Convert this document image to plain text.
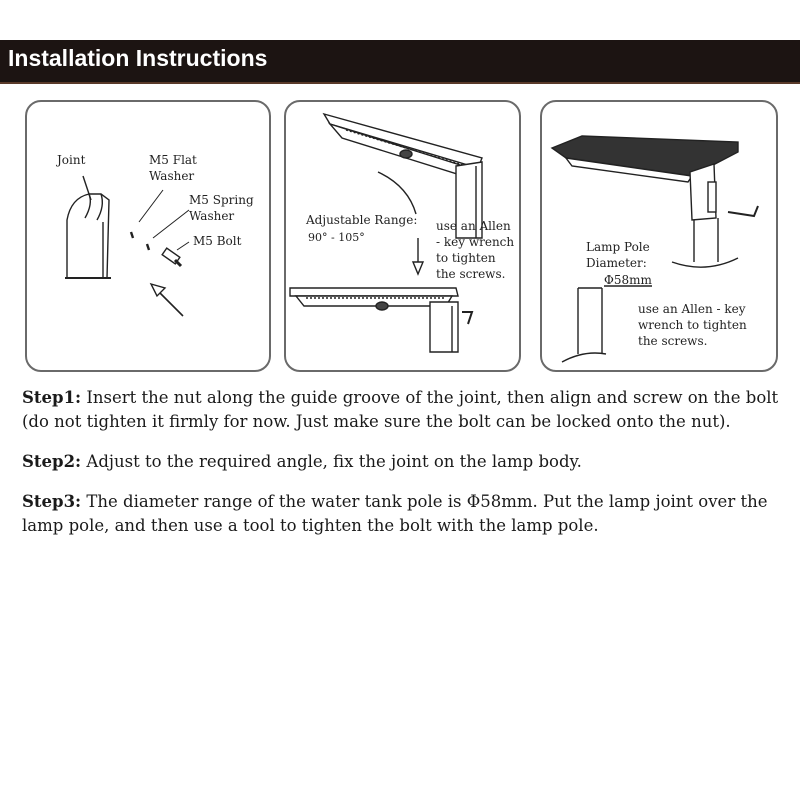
Installation Instructions
Joint	M5 Flat
Washer
M5 Spring
Washer
M5 Bolt
Adjustable Range:
90° - 105°
use an Allen
- key wrench
to tighten
the screws.
Lamp Pole
Diameter:
Φ58mm
use an Allen - key
wrench to tighten
the screws.

Step1: Insert the nut along the guide groove of the joint, then align and screw on the bolt (do not tighten it firmly for now. Just make sure the bolt can be locked onto the nut).

Step2: Adjust to the required angle, fix the joint on the lamp body.

Step3: The diameter range of the water tank pole is Φ58mm. Put the lamp joint over the lamp pole, and then use a tool to tighten the bolt with the lamp pole.
